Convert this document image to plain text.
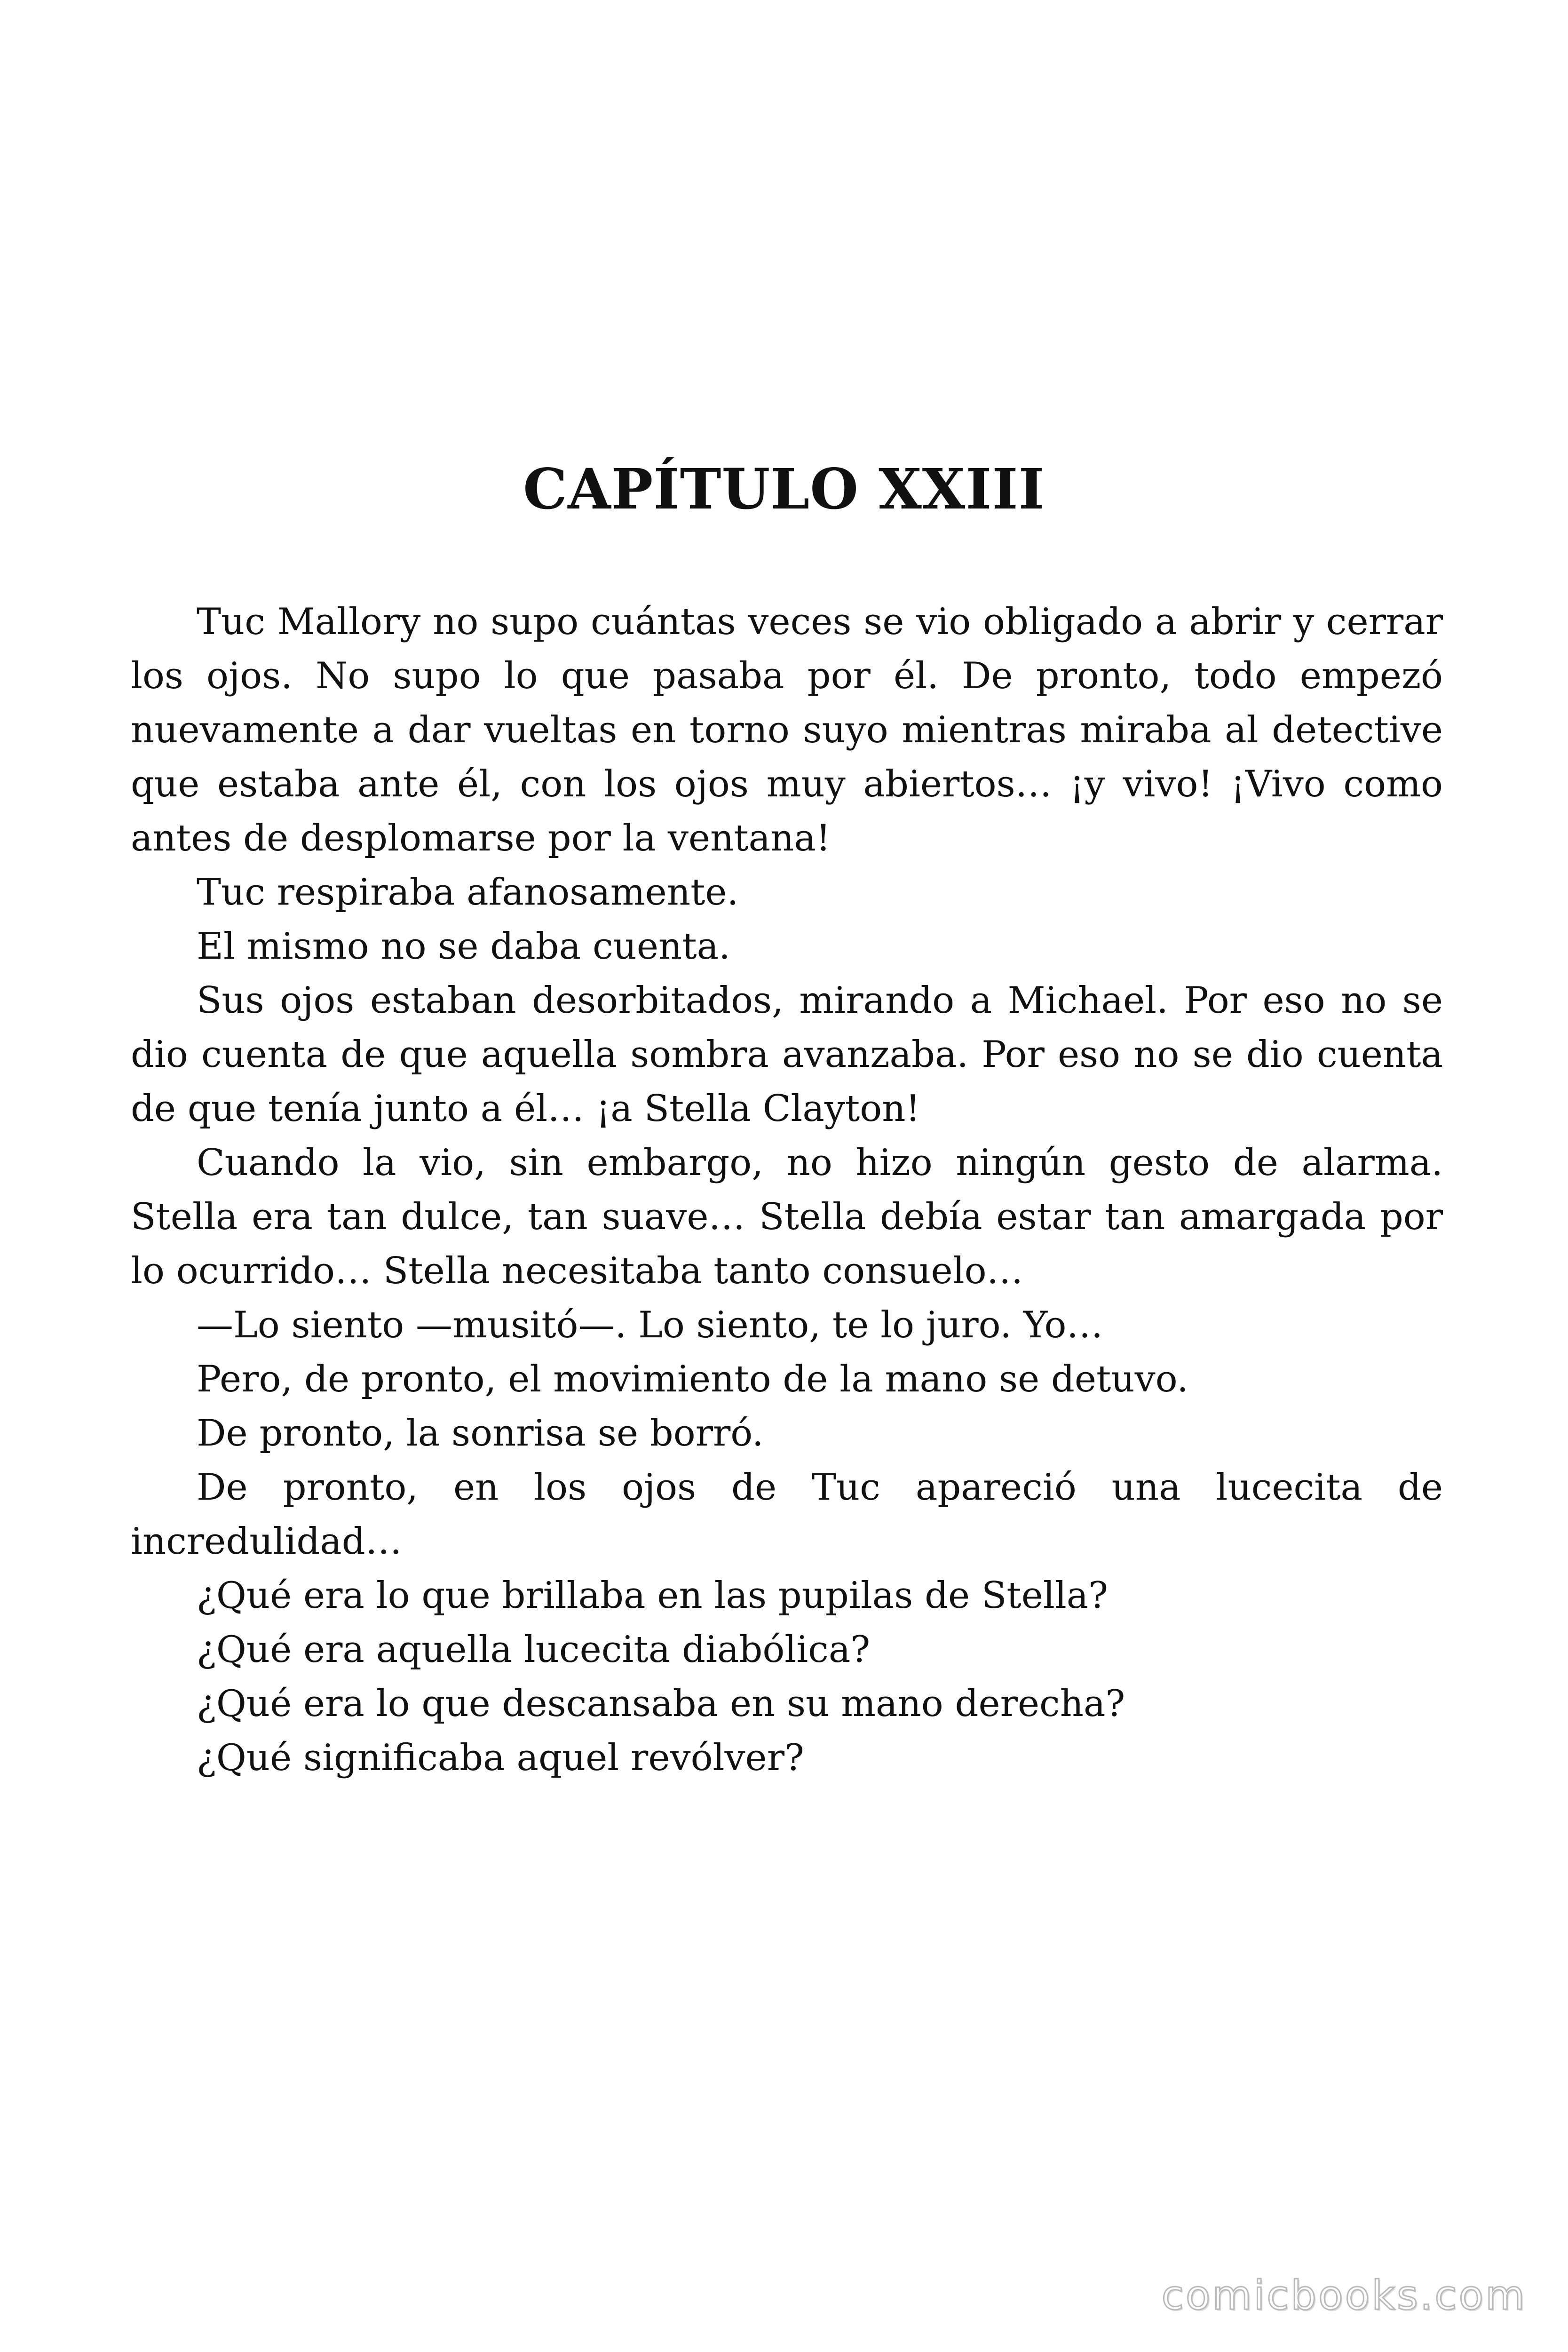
CAPÍTULO XXIII

Tuc Mallory no supo cuántas veces se vio obligado a abrir y cerrar los ojos. No supo lo que pasaba por él. De pronto, todo empezó nuevamente a dar vueltas en torno suyo mientras miraba al detective que estaba ante él, con los ojos muy abiertos… ¡y vivo! ¡Vivo como antes de desplomarse por la ventana!

Tuc respiraba afanosamente.

El mismo no se daba cuenta.

Sus ojos estaban desorbitados, mirando a Michael. Por eso no se dio cuenta de que aquella sombra avanzaba. Por eso no se dio cuenta de que tenía junto a él… ¡a Stella Clayton!

Cuando la vio, sin embargo, no hizo ningún gesto de alarma. Stella era tan dulce, tan suave… Stella debía estar tan amargada por lo ocurrido… Stella necesitaba tanto consuelo…

—Lo siento —musitó—. Lo siento, te lo juro. Yo…

Pero, de pronto, el movimiento de la mano se detuvo.

De pronto, la sonrisa se borró.

De pronto, en los ojos de Tuc apareció una lucecita de incredulidad…

¿Qué era lo que brillaba en las pupilas de Stella?

¿Qué era aquella lucecita diabólica?

¿Qué era lo que descansaba en su mano derecha?

¿Qué significaba aquel revólver?

comicbooks.com
